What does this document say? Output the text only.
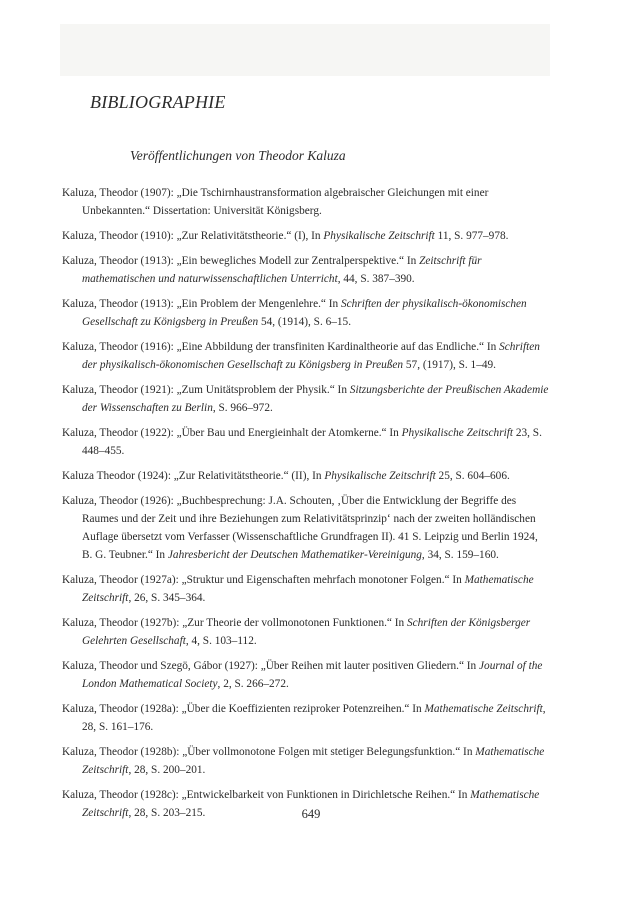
BIBLIOGRAPHIE
Veröffentlichungen von Theodor Kaluza
Kaluza, Theodor (1907): „Die Tschirnhaustransformation algebraischer Gleichungen mit einer Unbekannten.“ Dissertation: Universität Königsberg.
Kaluza, Theodor (1910): „Zur Relativitätstheorie.“ (I), In Physikalische Zeitschrift 11, S. 977–978.
Kaluza, Theodor (1913): „Ein bewegliches Modell zur Zentralperspektive.“ In Zeitschrift für mathematischen und naturwissenschaftlichen Unterricht, 44, S. 387–390.
Kaluza, Theodor (1913): „Ein Problem der Mengenlehre.“ In Schriften der physikalisch-ökonomischen Gesellschaft zu Königsberg in Preußen 54, (1914), S. 6–15.
Kaluza, Theodor (1916): „Eine Abbildung der transfiniten Kardinaltheorie auf das Endliche.“ In Schriften der physikalisch-ökonomischen Gesellschaft zu Königsberg in Preußen 57, (1917), S. 1–49.
Kaluza, Theodor (1921): „Zum Unitätsproblem der Physik.“ In Sitzungsberichte der Preußischen Akademie der Wissenschaften zu Berlin, S. 966–972.
Kaluza, Theodor (1922): „Über Bau und Energieinhalt der Atomkerne.“ In Physikalische Zeitschrift 23, S. 448–455.
Kaluza Theodor (1924): „Zur Relativitätstheorie.“ (II), In Physikalische Zeitschrift 25, S. 604–606.
Kaluza, Theodor (1926): „Buchbesprechung: J.A. Schouten, ‚Über die Entwicklung der Begriffe des Raumes und der Zeit und ihre Beziehungen zum Relativitätsprinzip‘ nach der zweiten holländischen Auflage übersetzt vom Verfasser (Wissenschaftliche Grundfragen II). 41 S. Leipzig und Berlin 1924, B. G. Teubner.“ In Jahresbericht der Deutschen Mathematiker-Vereinigung, 34, S. 159–160.
Kaluza, Theodor (1927a): „Struktur und Eigenschaften mehrfach monotoner Folgen.“ In Mathematische Zeitschrift, 26, S. 345–364.
Kaluza, Theodor (1927b): „Zur Theorie der vollmonotonen Funktionen.“ In Schriften der Königsberger Gelehrten Gesellschaft, 4, S. 103–112.
Kaluza, Theodor und Szegö, Gábor (1927): „Über Reihen mit lauter positiven Gliedern.“ In Journal of the London Mathematical Society, 2, S. 266–272.
Kaluza, Theodor (1928a): „Über die Koeffizienten reziproker Potenzreihen.“ In Mathematische Zeitschrift, 28, S. 161–176.
Kaluza, Theodor (1928b): „Über vollmonotone Folgen mit stetiger Belegungsfunktion.“ In Mathematische Zeitschrift, 28, S. 200–201.
Kaluza, Theodor (1928c): „Entwickelbarkeit von Funktionen in Dirichletsche Reihen.“ In Mathematische Zeitschrift, 28, S. 203–215.	649
